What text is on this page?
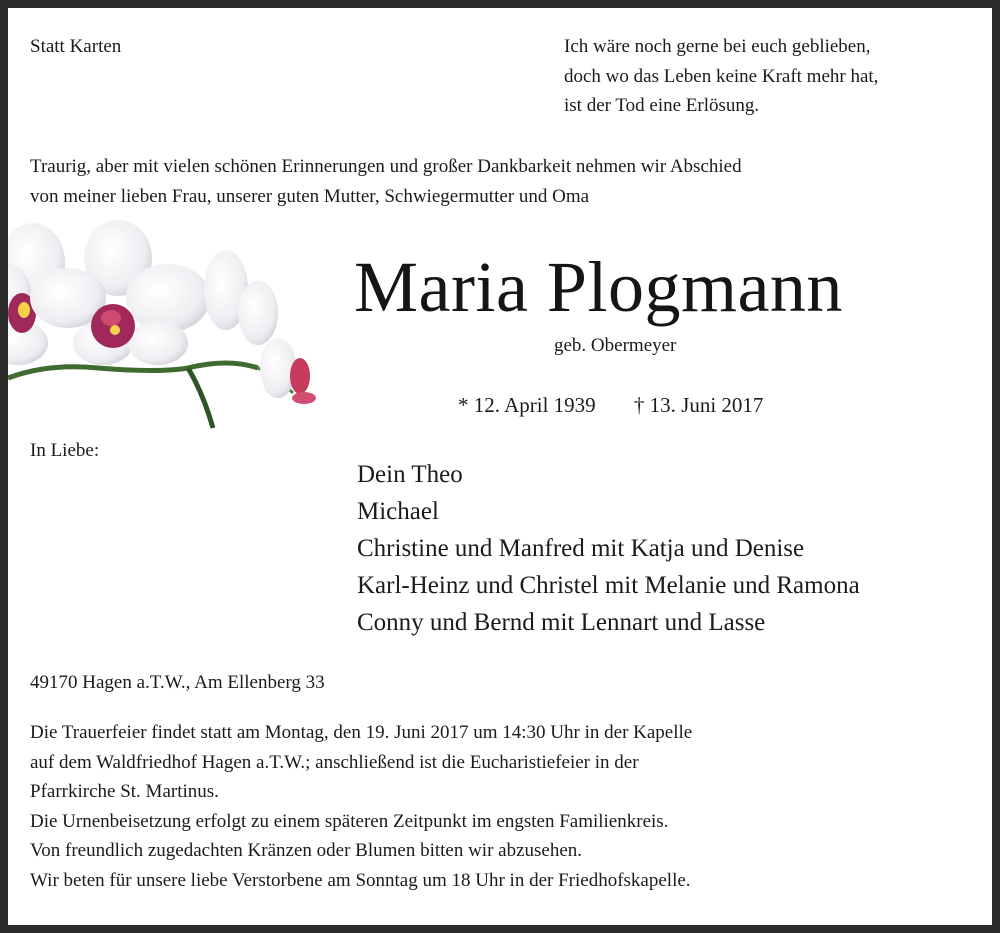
Statt Karten	Ich wäre noch gerne bei euch geblieben,
doch wo das Leben keine Kraft mehr hat,
ist der Tod eine Erlösung.
Traurig, aber mit vielen schönen Erinnerungen und großer Dankbarkeit nehmen wir Abschied
von meiner lieben Frau, unserer guten Mutter, Schwiegermutter und Oma
Maria Plogmann
geb. Obermeyer
* 12. April 1939 † 13. Juni 2017
In Liebe:
Dein Theo
Michael
Christine und Manfred mit Katja und Denise
Karl-Heinz und Christel mit Melanie und Ramona
Conny und Bernd mit Lennart und Lasse
49170 Hagen a.T.W., Am Ellenberg 33
Die Trauerfeier findet statt am Montag, den 19. Juni 2017 um 14:30 Uhr in der Kapelle
auf dem Waldfriedhof Hagen a.T.W.; anschließend ist die Eucharistiefeier in der
Pfarrkirche St. Martinus.
Die Urnenbeisetzung erfolgt zu einem späteren Zeitpunkt im engsten Familienkreis.
Von freundlich zugedachten Kränzen oder Blumen bitten wir abzusehen.
Wir beten für unsere liebe Verstorbene am Sonntag um 18 Uhr in der Friedhofskapelle.
